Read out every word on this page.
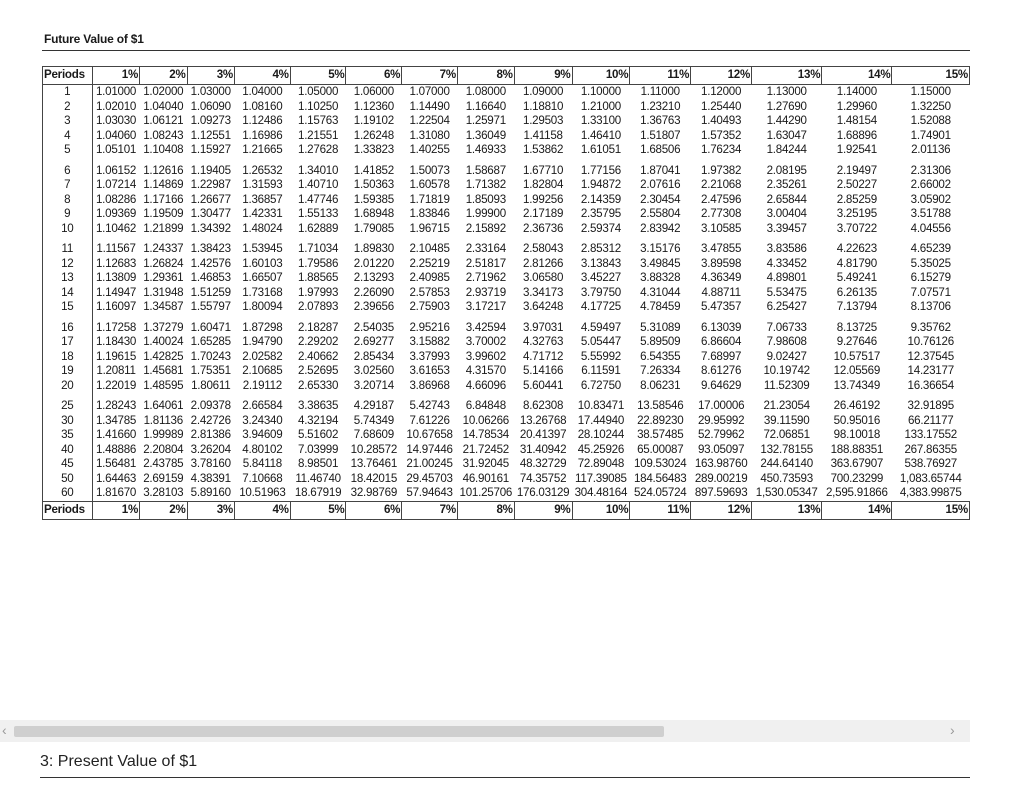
Future Value of $1
Periods	1%	2%	3%	4%	5%	6%	7%	8%	9%	10%	11%	12%	13%	14%	15%
1	1.01000	1.02000	1.03000	1.04000	1.05000	1.06000	1.07000	1.08000	1.09000	1.10000	1.11000	1.12000	1.13000	1.14000	1.15000
2	1.02010	1.04040	1.06090	1.08160	1.10250	1.12360	1.14490	1.16640	1.18810	1.21000	1.23210	1.25440	1.27690	1.29960	1.32250
3	1.03030	1.06121	1.09273	1.12486	1.15763	1.19102	1.22504	1.25971	1.29503	1.33100	1.36763	1.40493	1.44290	1.48154	1.52088
4	1.04060	1.08243	1.12551	1.16986	1.21551	1.26248	1.31080	1.36049	1.41158	1.46410	1.51807	1.57352	1.63047	1.68896	1.74901
5	1.05101	1.10408	1.15927	1.21665	1.27628	1.33823	1.40255	1.46933	1.53862	1.61051	1.68506	1.76234	1.84244	1.92541	2.01136
6	1.06152	1.12616	1.19405	1.26532	1.34010	1.41852	1.50073	1.58687	1.67710	1.77156	1.87041	1.97382	2.08195	2.19497	2.31306
7	1.07214	1.14869	1.22987	1.31593	1.40710	1.50363	1.60578	1.71382	1.82804	1.94872	2.07616	2.21068	2.35261	2.50227	2.66002
8	1.08286	1.17166	1.26677	1.36857	1.47746	1.59385	1.71819	1.85093	1.99256	2.14359	2.30454	2.47596	2.65844	2.85259	3.05902
9	1.09369	1.19509	1.30477	1.42331	1.55133	1.68948	1.83846	1.99900	2.17189	2.35795	2.55804	2.77308	3.00404	3.25195	3.51788
10	1.10462	1.21899	1.34392	1.48024	1.62889	1.79085	1.96715	2.15892	2.36736	2.59374	2.83942	3.10585	3.39457	3.70722	4.04556
11	1.11567	1.24337	1.38423	1.53945	1.71034	1.89830	2.10485	2.33164	2.58043	2.85312	3.15176	3.47855	3.83586	4.22623	4.65239
12	1.12683	1.26824	1.42576	1.60103	1.79586	2.01220	2.25219	2.51817	2.81266	3.13843	3.49845	3.89598	4.33452	4.81790	5.35025
13	1.13809	1.29361	1.46853	1.66507	1.88565	2.13293	2.40985	2.71962	3.06580	3.45227	3.88328	4.36349	4.89801	5.49241	6.15279
14	1.14947	1.31948	1.51259	1.73168	1.97993	2.26090	2.57853	2.93719	3.34173	3.79750	4.31044	4.88711	5.53475	6.26135	7.07571
15	1.16097	1.34587	1.55797	1.80094	2.07893	2.39656	2.75903	3.17217	3.64248	4.17725	4.78459	5.47357	6.25427	7.13794	8.13706
16	1.17258	1.37279	1.60471	1.87298	2.18287	2.54035	2.95216	3.42594	3.97031	4.59497	5.31089	6.13039	7.06733	8.13725	9.35762
17	1.18430	1.40024	1.65285	1.94790	2.29202	2.69277	3.15882	3.70002	4.32763	5.05447	5.89509	6.86604	7.98608	9.27646	10.76126
18	1.19615	1.42825	1.70243	2.02582	2.40662	2.85434	3.37993	3.99602	4.71712	5.55992	6.54355	7.68997	9.02427	10.57517	12.37545
19	1.20811	1.45681	1.75351	2.10685	2.52695	3.02560	3.61653	4.31570	5.14166	6.11591	7.26334	8.61276	10.19742	12.05569	14.23177
20	1.22019	1.48595	1.80611	2.19112	2.65330	3.20714	3.86968	4.66096	5.60441	6.72750	8.06231	9.64629	11.52309	13.74349	16.36654
25	1.28243	1.64061	2.09378	2.66584	3.38635	4.29187	5.42743	6.84848	8.62308	10.83471	13.58546	17.00006	21.23054	26.46192	32.91895
30	1.34785	1.81136	2.42726	3.24340	4.32194	5.74349	7.61226	10.06266	13.26768	17.44940	22.89230	29.95992	39.11590	50.95016	66.21177
35	1.41660	1.99989	2.81386	3.94609	5.51602	7.68609	10.67658	14.78534	20.41397	28.10244	38.57485	52.79962	72.06851	98.10018	133.17552
40	1.48886	2.20804	3.26204	4.80102	7.03999	10.28572	14.97446	21.72452	31.40942	45.25926	65.00087	93.05097	132.78155	188.88351	267.86355
45	1.56481	2.43785	3.78160	5.84118	8.98501	13.76461	21.00245	31.92045	48.32729	72.89048	109.53024	163.98760	244.64140	363.67907	538.76927
50	1.64463	2.69159	4.38391	7.10668	11.46740	18.42015	29.45703	46.90161	74.35752	117.39085	184.56483	289.00219	450.73593	700.23299	1,083.65744
60	1.81670	3.28103	5.89160	10.51963	18.67919	32.98769	57.94643	101.25706	176.03129	304.48164	524.05724	897.59693	1,530.05347	2,595.91866	4,383.99875
Periods	1%	2%	3%	4%	5%	6%	7%	8%	9%	10%	11%	12%	13%	14%	15%
‹	›
3: Present Value of $1
